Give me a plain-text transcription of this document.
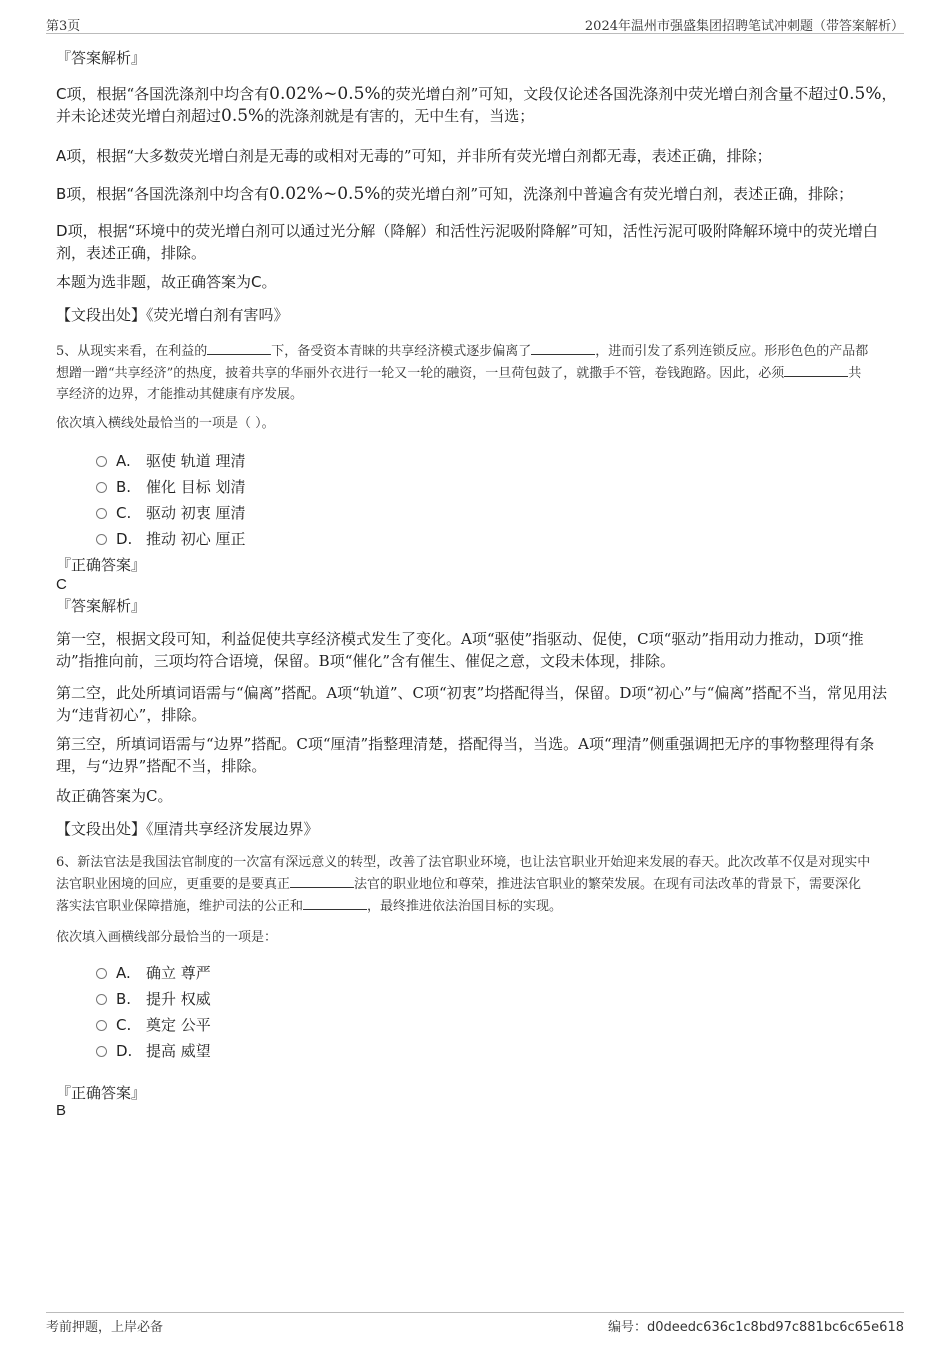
第3页	2024年温州市强盛集团招聘笔试冲刺题（带答案解析）
『答案解析』
C项，根据“各国洗涤剂中均含有0.02%~0.5%的荧光增白剂”可知，文段仅论述各国洗涤剂中荧光增白剂含量不超过0.5%，
并未论述荧光增白剂超过0.5%的洗涤剂就是有害的，无中生有，当选；
A项，根据“大多数荧光增白剂是无毒的或相对无毒的”可知，并非所有荧光增白剂都无毒，表述正确，排除；
B项，根据“各国洗涤剂中均含有0.02%~0.5%的荧光增白剂”可知，洗涤剂中普遍含有荧光增白剂，表述正确，排除；
D项，根据“环境中的荧光增白剂可以通过光分解（降解）和活性污泥吸附降解”可知，活性污泥可吸附降解环境中的荧光增白
剂，表述正确，排除。
本题为选非题，故正确答案为C。
【文段出处】《荧光增白剂有害吗》
5、从现实来看，在利益的	下，备受资本青睐的共享经济模式逐步偏离了	，进而引发了系列连锁反应。形形色色的产品都
想蹭一蹭“共享经济”的热度，披着共享的华丽外衣进行一轮又一轮的融资，一旦荷包鼓了，就撒手不管，卷钱跑路。因此，必须	共
享经济的边界，才能推动其健康有序发展。
依次填入横线处最恰当的一项是（ ）。
A. 驱使 轨道 理清
B. 催化 目标 划清
C. 驱动 初衷 厘清
D. 推动 初心 厘正
『正确答案』
C
『答案解析』
第一空，根据文段可知，利益促使共享经济模式发生了变化。A项“驱使”指驱动、促使，C项“驱动”指用动力推动，D项“推
动”指推向前，三项均符合语境，保留。B项“催化”含有催生、催促之意，文段未体现，排除。
第二空，此处所填词语需与“偏离”搭配。A项“轨道”、C项“初衷”均搭配得当，保留。D项“初心”与“偏离”搭配不当，常见用法
为“违背初心”，排除。
第三空，所填词语需与“边界”搭配。C项“厘清”指整理清楚，搭配得当，当选。A项“理清”侧重强调把无序的事物整理得有条
理，与“边界”搭配不当，排除。
故正确答案为C。
【文段出处】《厘清共享经济发展边界》
6、新法官法是我国法官制度的一次富有深远意义的转型，改善了法官职业环境，也让法官职业开始迎来发展的春天。此次改革不仅是对现实中
法官职业困境的回应，更重要的是要真正	法官的职业地位和尊荣，推进法官职业的繁荣发展。在现有司法改革的背景下，需要深化
落实法官职业保障措施，维护司法的公正和	，最终推进依法治国目标的实现。
依次填入画横线部分最恰当的一项是：
A. 确立 尊严
B. 提升 权威
C. 奠定 公平
D. 提高 威望
『正确答案』
B
考前押题，上岸必备	编号：d0deedc636c1c8bd97c881bc6c65e618
